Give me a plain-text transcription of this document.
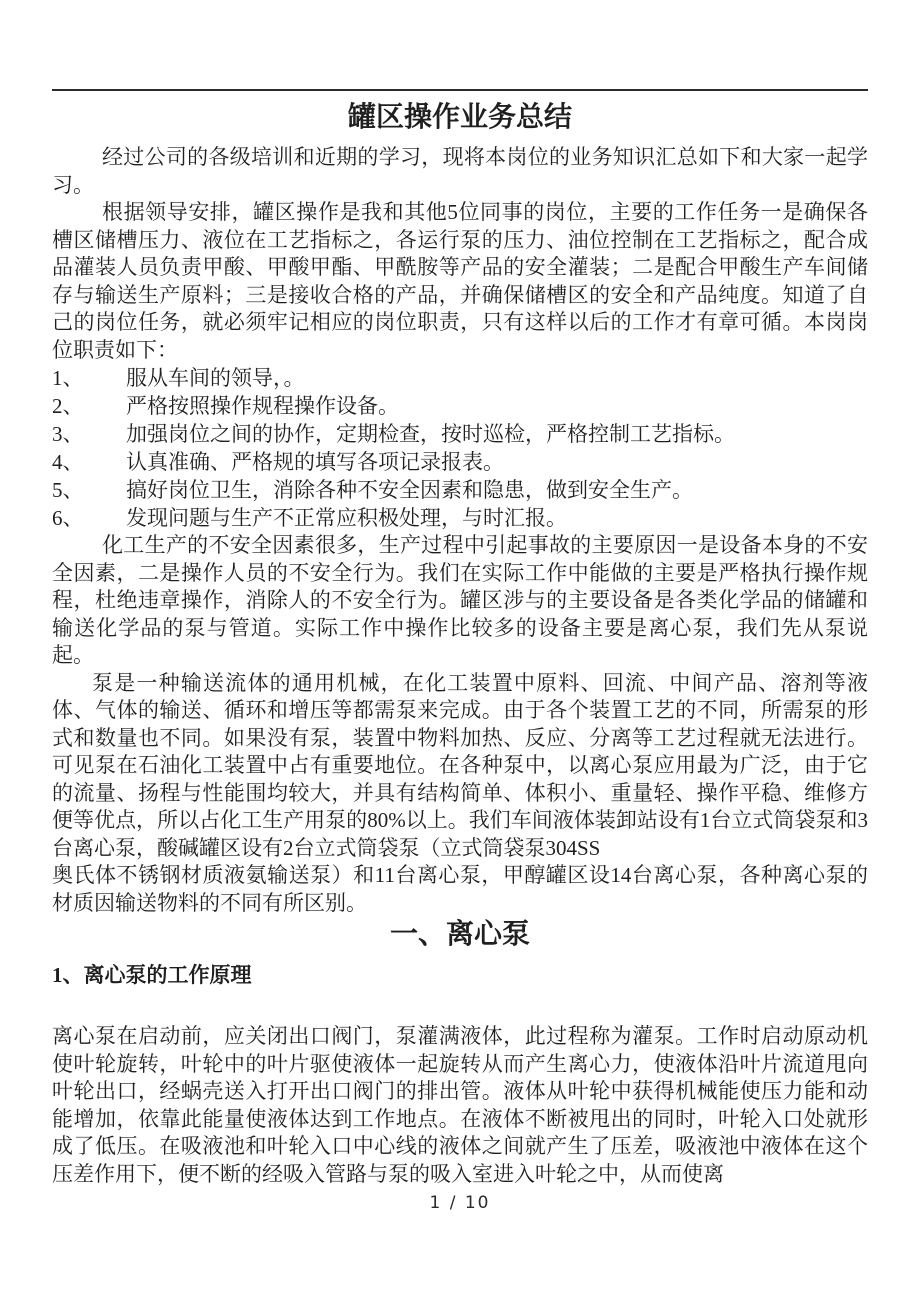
罐区操作业务总结

经过公司的各级培训和近期的学习，现将本岗位的业务知识汇总如下和大家一起学习。

根据领导安排，罐区操作是我和其他5位同事的岗位，主要的工作任务一是确保各槽区储槽压力、液位在工艺指标之，各运行泵的压力、油位控制在工艺指标之，配合成品灌装人员负责甲酸、甲酸甲酯、甲酰胺等产品的安全灌装；二是配合甲酸生产车间储存与输送生产原料；三是接收合格的产品，并确保储槽区的安全和产品纯度。知道了自己的岗位任务，就必须牢记相应的岗位职责，只有这样以后的工作才有章可循。本岗岗位职责如下：

1、	服从车间的领导，。
2、	严格按照操作规程操作设备。
3、	加强岗位之间的协作，定期检查，按时巡检，严格控制工艺指标。
4、	认真准确、严格规的填写各项记录报表。
5、	搞好岗位卫生，消除各种不安全因素和隐患，做到安全生产。
6、	发现问题与生产不正常应积极处理，与时汇报。

化工生产的不安全因素很多，生产过程中引起事故的主要原因一是设备本身的不安全因素，二是操作人员的不安全行为。我们在实际工作中能做的主要是严格执行操作规程，杜绝违章操作，消除人的不安全行为。罐区涉与的主要设备是各类化学品的储罐和输送化学品的泵与管道。实际工作中操作比较多的设备主要是离心泵，我们先从泵说起。

泵是一种输送流体的通用机械，在化工装置中原料、回流、中间产品、溶剂等液体、气体的输送、循环和增压等都需泵来完成。由于各个装置工艺的不同，所需泵的形式和数量也不同。如果没有泵，装置中物料加热、反应、分离等工艺过程就无法进行。可见泵在石油化工装置中占有重要地位。在各种泵中，以离心泵应用最为广泛，由于它的流量、扬程与性能围均较大，并具有结构简单、体积小、重量轻、操作平稳、维修方便等优点，所以占化工生产用泵的80%以上。我们车间液体装卸站设有1台立式筒袋泵和3台离心泵，酸碱罐区设有2台立式筒袋泵（立式筒袋泵304SS

奥氏体不锈钢材质液氨输送泵）和11台离心泵，甲醇罐区设14台离心泵，各种离心泵的材质因输送物料的不同有所区别。

一、离心泵
1、离心泵的工作原理

离心泵在启动前，应关闭出口阀门，泵灌满液体，此过程称为灌泵。工作时启动原动机使叶轮旋转，叶轮中的叶片驱使液体一起旋转从而产生离心力，使液体沿叶片流道甩向叶轮出口，经蜗壳送入打开出口阀门的排出管。液体从叶轮中获得机械能使压力能和动能增加，依靠此能量使液体达到工作地点。在液体不断被甩出的同时，叶轮入口处就形成了低压。在吸液池和叶轮入口中心线的液体之间就产生了压差，吸液池中液体在这个压差作用下，便不断的经吸入管路与泵的吸入室进入叶轮之中，从而使离

1 / 10
